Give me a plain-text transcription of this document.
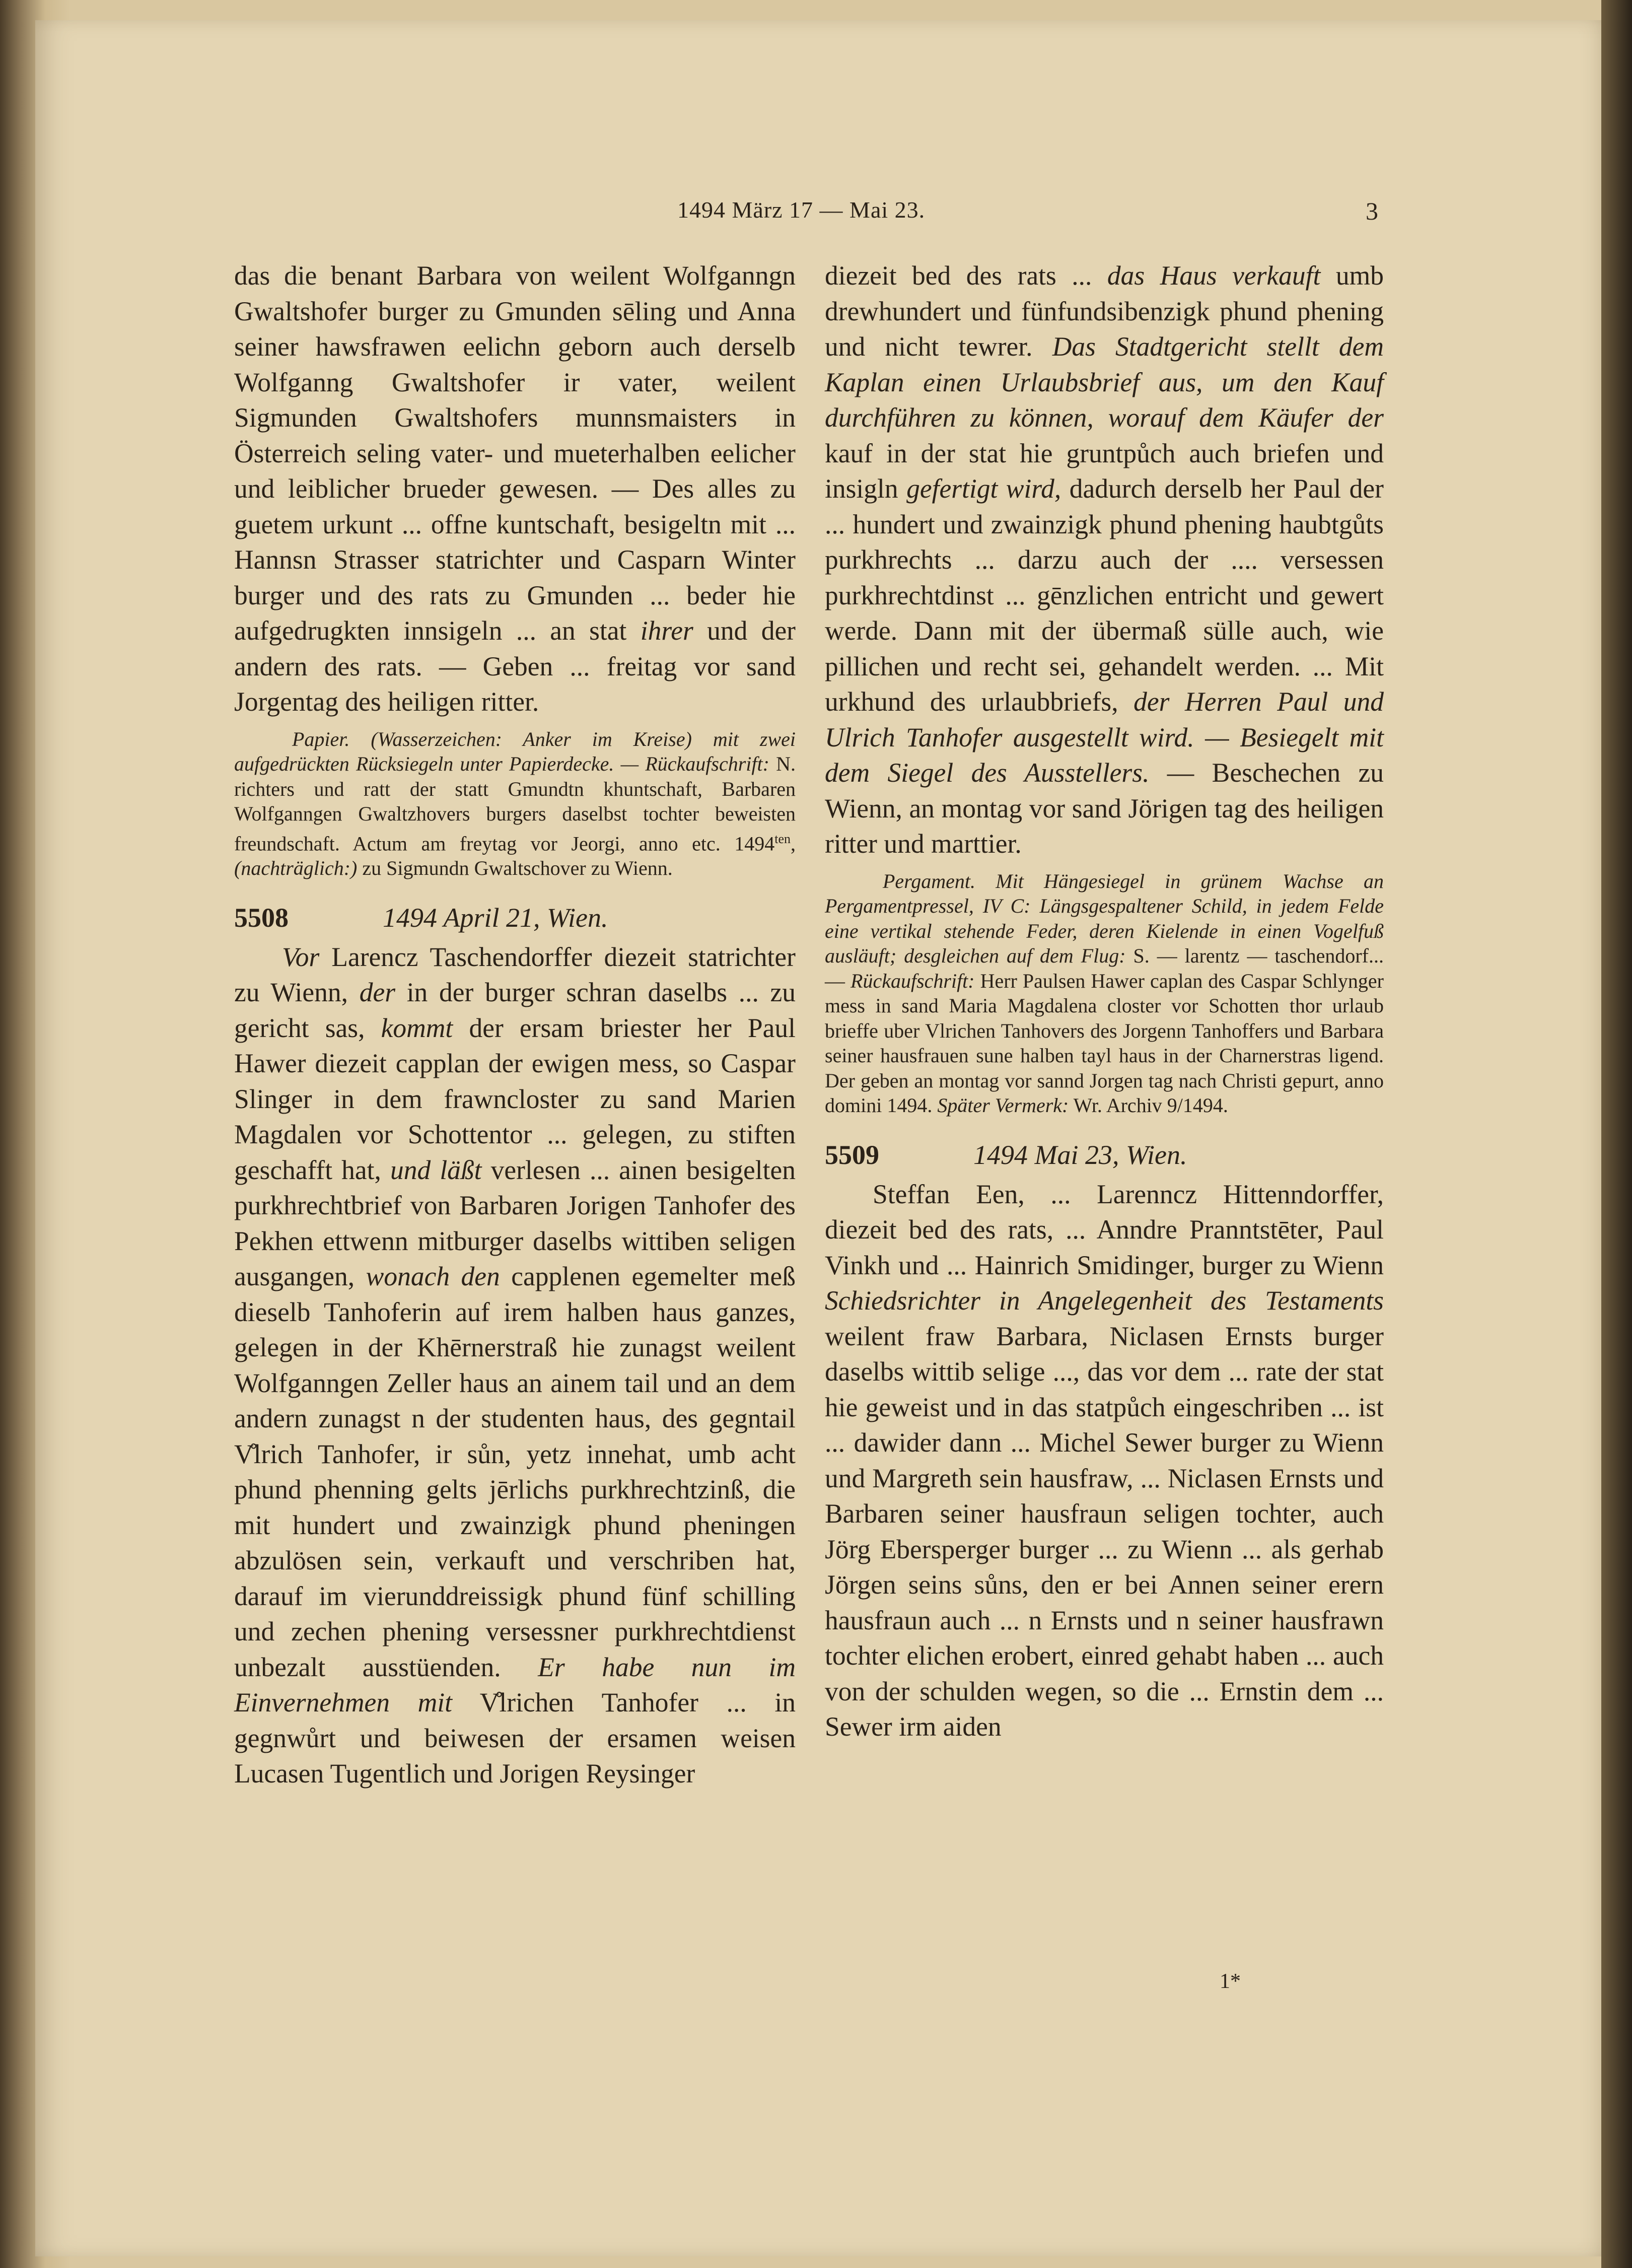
1494 März 17 — Mai 23.	3

das die benant Barbara von weilent Wolfganngn Gwaltshofer burger zu Gmunden sēling und Anna seiner hawsfrawen eelichn geborn auch derselb Wolfganng Gwaltshofer ir vater, weilent Sigmunden Gwaltshofers munnsmaisters in Österreich seling vater- und mueterhalben eelicher und leiblicher brueder gewesen. — Des alles zu guetem urkunt ... offne kuntschaft, besigeltn mit ... Hannsn Strasser statrichter und Casparn Winter burger und des rats zu Gmunden ... beder hie aufgedrugkten innsigeln ... an stat ihrer und der andern des rats. — Geben ... freitag vor sand Jorgentag des heiligen ritter.

Papier. (Wasserzeichen: Anker im Kreise) mit zwei aufgedrückten Rücksiegeln unter Papierdecke. — Rückaufschrift: N. richters und ratt der statt Gmundtn khuntschaft, Barbaren Wolfganngen Gwaltzhovers burgers daselbst tochter beweisten freundschaft. Actum am freytag vor Jeorgi, anno etc. $1494^{ten}$, (nachträglich:) zu Sigmundn Gwaltschover zu Wienn.

5508	1494 April 21, Wien.

Vor Larencz Taschendorffer diezeit statrichter zu Wienn, der in der burger schran daselbs ... zu gericht sas, kommt der ersam briester her Paul Hawer diezeit capplan der ewigen mess, so Caspar Slinger in dem frawncloster zu sand Marien Magdalen vor Schottentor ... gelegen, zu stiften geschafft hat, und läßt verlesen ... ainen besigelten purkhrechtbrief von Barbaren Jorigen Tanhofer des Pekhen ettwenn mitburger daselbs wittiben seligen ausgangen, wonach den capplenen egemelter meß dieselb Tanhoferin auf irem halben haus ganzes, gelegen in der Khērnerstraß hie zunagst weilent Wolfganngen Zeller haus an ainem tail und an dem andern zunagst n der studenten haus, des gegntail V̊lrich Tanhofer, ir sůn, yetz innehat, umb acht phund phenning gelts jērlichs purkhrechtzinß, die mit hundert und zwainzigk phund pheningen abzulösen sein, verkauft und verschriben hat, darauf im vierunddreissigk phund fünf schilling und zechen phening versessner purkhrechtdienst unbezalt ausstüenden. Er habe nun im Einvernehmen mit V̊lrichen Tanhofer ... in gegnwůrt und beiwesen der ersamen weisen Lucasen Tugentlich und Jorigen Reysinger

diezeit bed des rats ... das Haus verkauft umb drewhundert und fünfundsibenzigk phund phening und nicht tewrer. Das Stadtgericht stellt dem Kaplan einen Urlaubsbrief aus, um den Kauf durchführen zu können, worauf dem Käufer der kauf in der stat hie gruntpůch auch briefen und insigln gefertigt wird, dadurch derselb her Paul der ... hundert und zwainzigk phund phening haubtgůts purkhrechts ... darzu auch der .... versessen purkhrechtdinst ... gēnzlichen entricht und gewert werde. Dann mit der übermaß sülle auch, wie pillichen und recht sei, gehandelt werden. ... Mit urkhund des urlaubbriefs, der Herren Paul und Ulrich Tanhofer ausgestellt wird. — Besiegelt mit dem Siegel des Ausstellers. — Beschechen zu Wienn, an montag vor sand Jörigen tag des heiligen ritter und marttier.

Pergament. Mit Hängesiegel in grünem Wachse an Pergamentpressel, IV C: Längsgespaltener Schild, in jedem Felde eine vertikal stehende Feder, deren Kielende in einen Vogelfuß ausläuft; desgleichen auf dem Flug: S. — larentz — taschendorf... — Rückaufschrift: Herr Paulsen Hawer caplan des Caspar Schlynger mess in sand Maria Magdalena closter vor Schotten thor urlaub brieffe uber Vlrichen Tanhovers des Jorgenn Tanhoffers und Barbara seiner hausfrauen sune halben tayl haus in der Charnerstras ligend. Der geben an montag vor sannd Jorgen tag nach Christi gepurt, anno domini 1494. Später Vermerk: Wr. Archiv 9/1494.

5509	1494 Mai 23, Wien.

Steffan Een, ... Larenncz Hittenndorffer, diezeit bed des rats, ... Anndre Pranntstēter, Paul Vinkh und ... Hainrich Smidinger, burger zu Wienn Schiedsrichter in Angelegenheit des Testaments weilent fraw Barbara, Niclasen Ernsts burger daselbs wittib selige ..., das vor dem ... rate der stat hie geweist und in das statpůch eingeschriben ... ist ... dawider dann ... Michel Sewer burger zu Wienn und Margreth sein hausfraw, ... Niclasen Ernsts und Barbaren seiner hausfraun seligen tochter, auch Jörg Ebersperger burger ... zu Wienn ... als gerhab Jörgen seins sůns, den er bei Annen seiner erern hausfraun auch ... n Ernsts und n seiner hausfrawn tochter elichen erobert, einred gehabt haben ... auch von der schulden wegen, so die ... Ernstin dem ... Sewer irm aiden

1*
